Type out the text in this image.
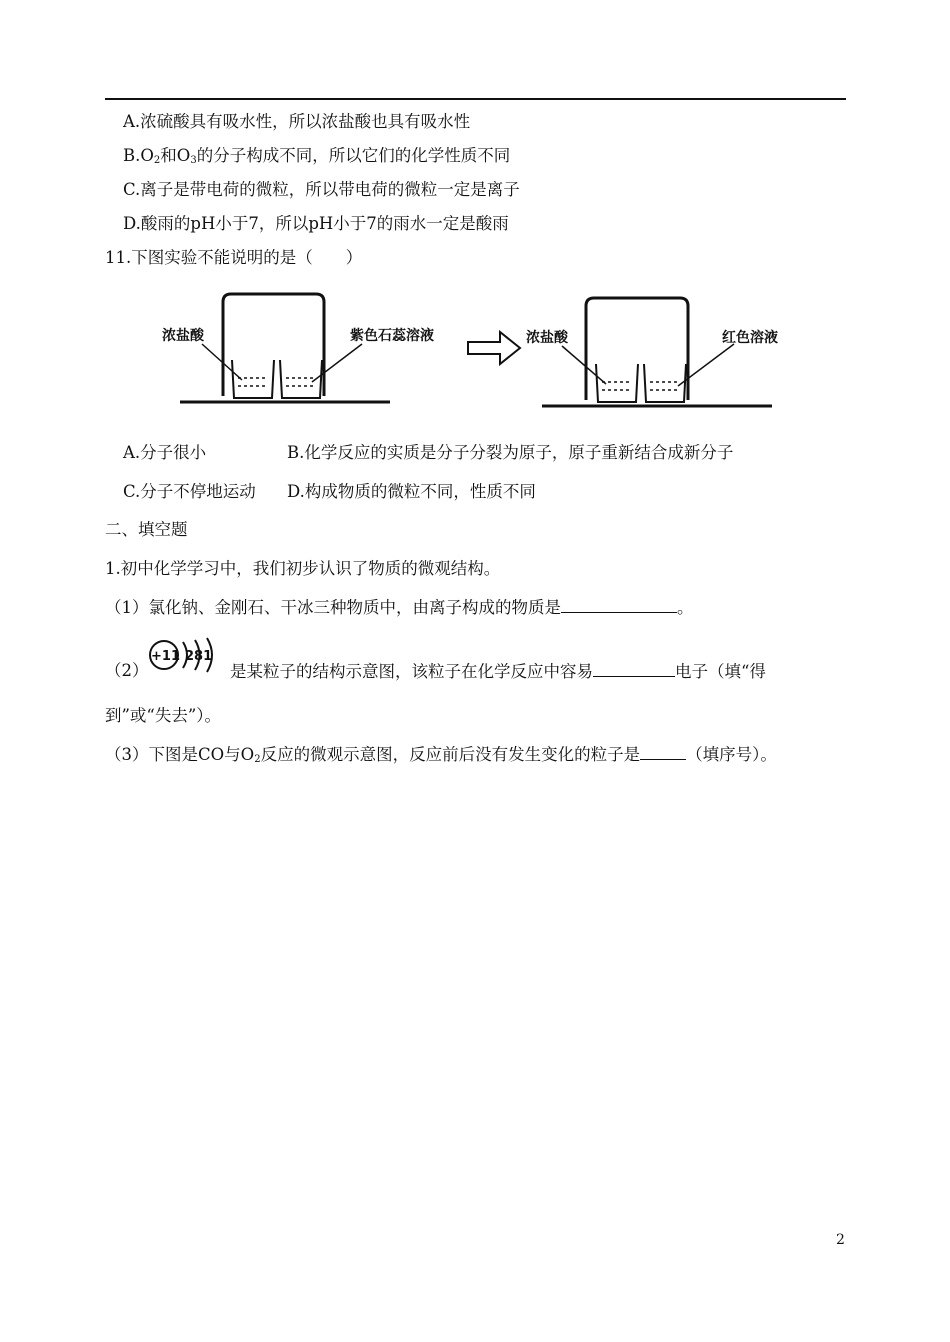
A.浓硫酸具有吸水性，所以浓盐酸也具有吸水性
$B.O_2$和$O_3$的分子构成不同，所以它们的化学性质不同
C.离子是带电荷的微粒，所以带电荷的微粒一定是离子
D.酸雨的pH小于7，所以pH小于7的雨水一定是酸雨
11.下图实验不能说明的是（　　）
浓盐酸	紫色石蕊溶液	浓盐酸	红色溶液
A.分子很小	B.化学反应的实质是分子分裂为原子，原子重新结合成新分子
C.分子不停地运动 D.构成物质的微粒不同，性质不同
二、填空题
1.初中化学学习中，我们初步认识了物质的微观结构。
（1）氯化钠、金刚石、干冰三种物质中，由离子构成的物质是	。
（2）
+11 281
是某粒子的结构示意图，该粒子在化学反应中容易	电子（填“得
到”或“失去”）。
（3）下图是CO与$O_2$反应的微观示意图，反应前后没有发生变化的粒子是	（填序号）。
2
